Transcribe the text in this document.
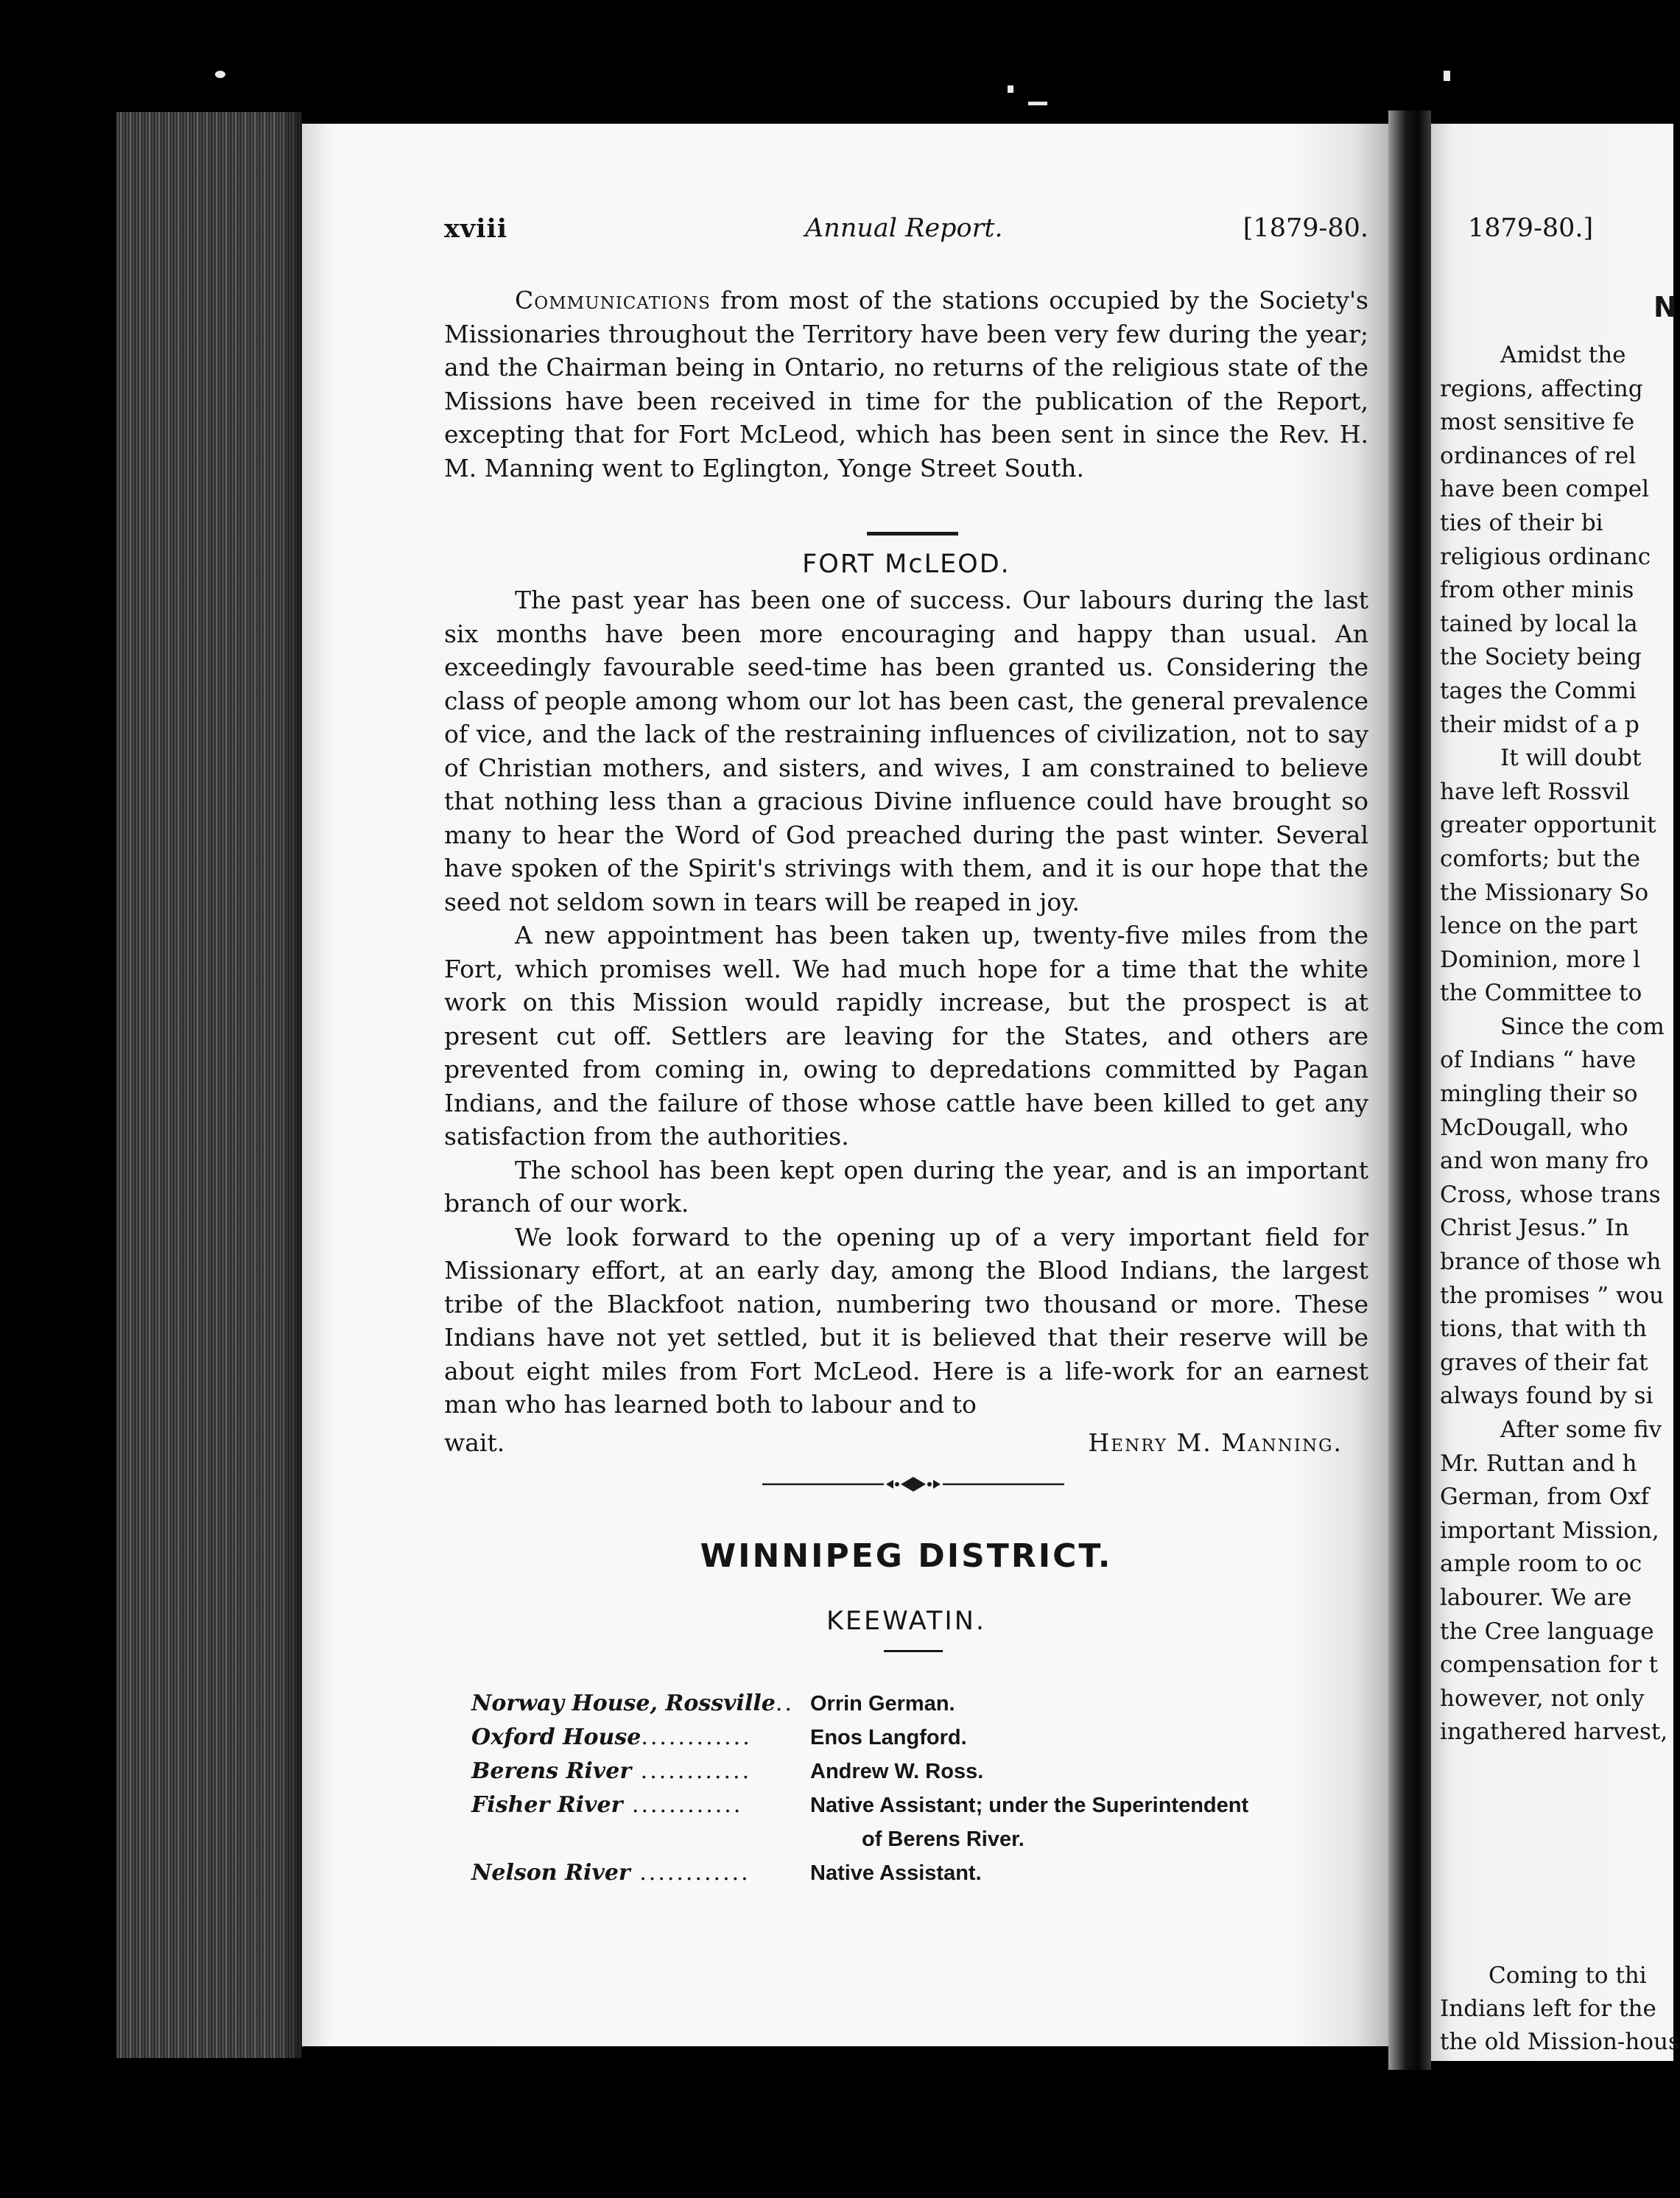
xviii	Annual Report.	[1879-80.

Communications from most of the stations occupied by the Society's Missionaries throughout the Territory have been very few during the year; and the Chairman being in Ontario, no returns of the religious state of the Missions have been received in time for the publication of the Report, excepting that for Fort McLeod, which has been sent in since the Rev. H. M. Manning went to Eglington, Yonge Street South.

FORT McLEOD.

The past year has been one of success. Our labours during the last six months have been more encouraging and happy than usual. An exceedingly favourable seed-time has been granted us. Considering the class of people among whom our lot has been cast, the general prevalence of vice, and the lack of the restraining influences of civilization, not to say of Christian mothers, and sisters, and wives, I am constrained to believe that nothing less than a gracious Divine influence could have brought so many to hear the Word of God preached during the past winter. Several have spoken of the Spirit's strivings with them, and it is our hope that the seed not seldom sown in tears will be reaped in joy.

A new appointment has been taken up, twenty-five miles from the Fort, which promises well. We had much hope for a time that the white work on this Mission would rapidly increase, but the prospect is at present cut off. Settlers are leaving for the States, and others are prevented from coming in, owing to depredations committed by Pagan Indians, and the failure of those whose cattle have been killed to get any satisfaction from the authorities.

The school has been kept open during the year, and is an important branch of our work.

We look forward to the opening up of a very important field for Missionary effort, at an early day, among the Blood Indians, the largest tribe of the Blackfoot nation, numbering two thousand or more. These Indians have not yet settled, but it is believed that their reserve will be about eight miles from Fort McLeod. Here is a life-work for an earnest man who has learned both to labour and to

wait.	Henry M. Manning.
WINNIPEG DISTRICT.
KEEWATIN.
Norway House, Rossville.. Orrin German.
Oxford House............	Enos Langford.
Berens River ............	Andrew W. Ross.
Fisher River ............	Native Assistant; under the Superintendent
of Berens River.
Nelson River ............	Native Assistant.
1879-80.]
N
Amidst the
regions, affecting
most sensitive fe
ordinances of rel
have been compel
ties of their bi
religious ordinanc
from other minis
tained by local la
the Society being
tages the Commi
their midst of a p
It will doubt
have left Rossvil
greater opportunit
comforts; but the
the Missionary So
lence on the part
Dominion, more l
the Committee to
Since the com
of Indians “ have
mingling their so
McDougall, who
and won many fro
Cross, whose trans
Christ Jesus.” In
brance of those wh
the promises ” wou
tions, that with th
graves of their fat
always found by si
After some fiv
Mr. Ruttan and h
German, from Oxf
important Mission,
ample room to oc
labourer. We are
the Cree language
compensation for t
however, not only
ingathered harvest,
Coming to thi
Indians left for the
the old Mission-hous
